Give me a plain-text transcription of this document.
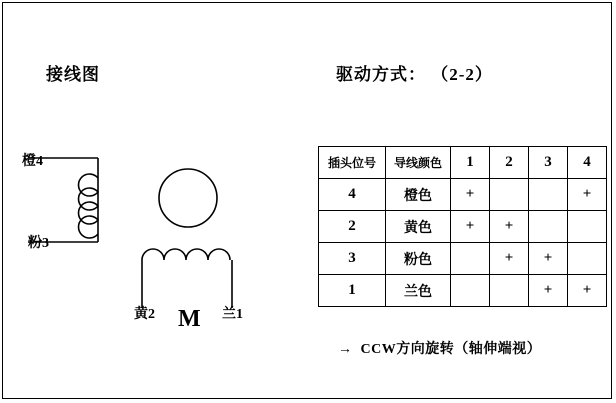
接线图	驱动方式： （2-2）
M
橙4
粉3
黄2	兰1
插头位号	导线颜色	1	2	3	4
4	橙色	+			+
2	黄色	+	+		
3	粉色		+	+	
1	兰色			+	+
→ CCW方向旋转（轴伸端视）
